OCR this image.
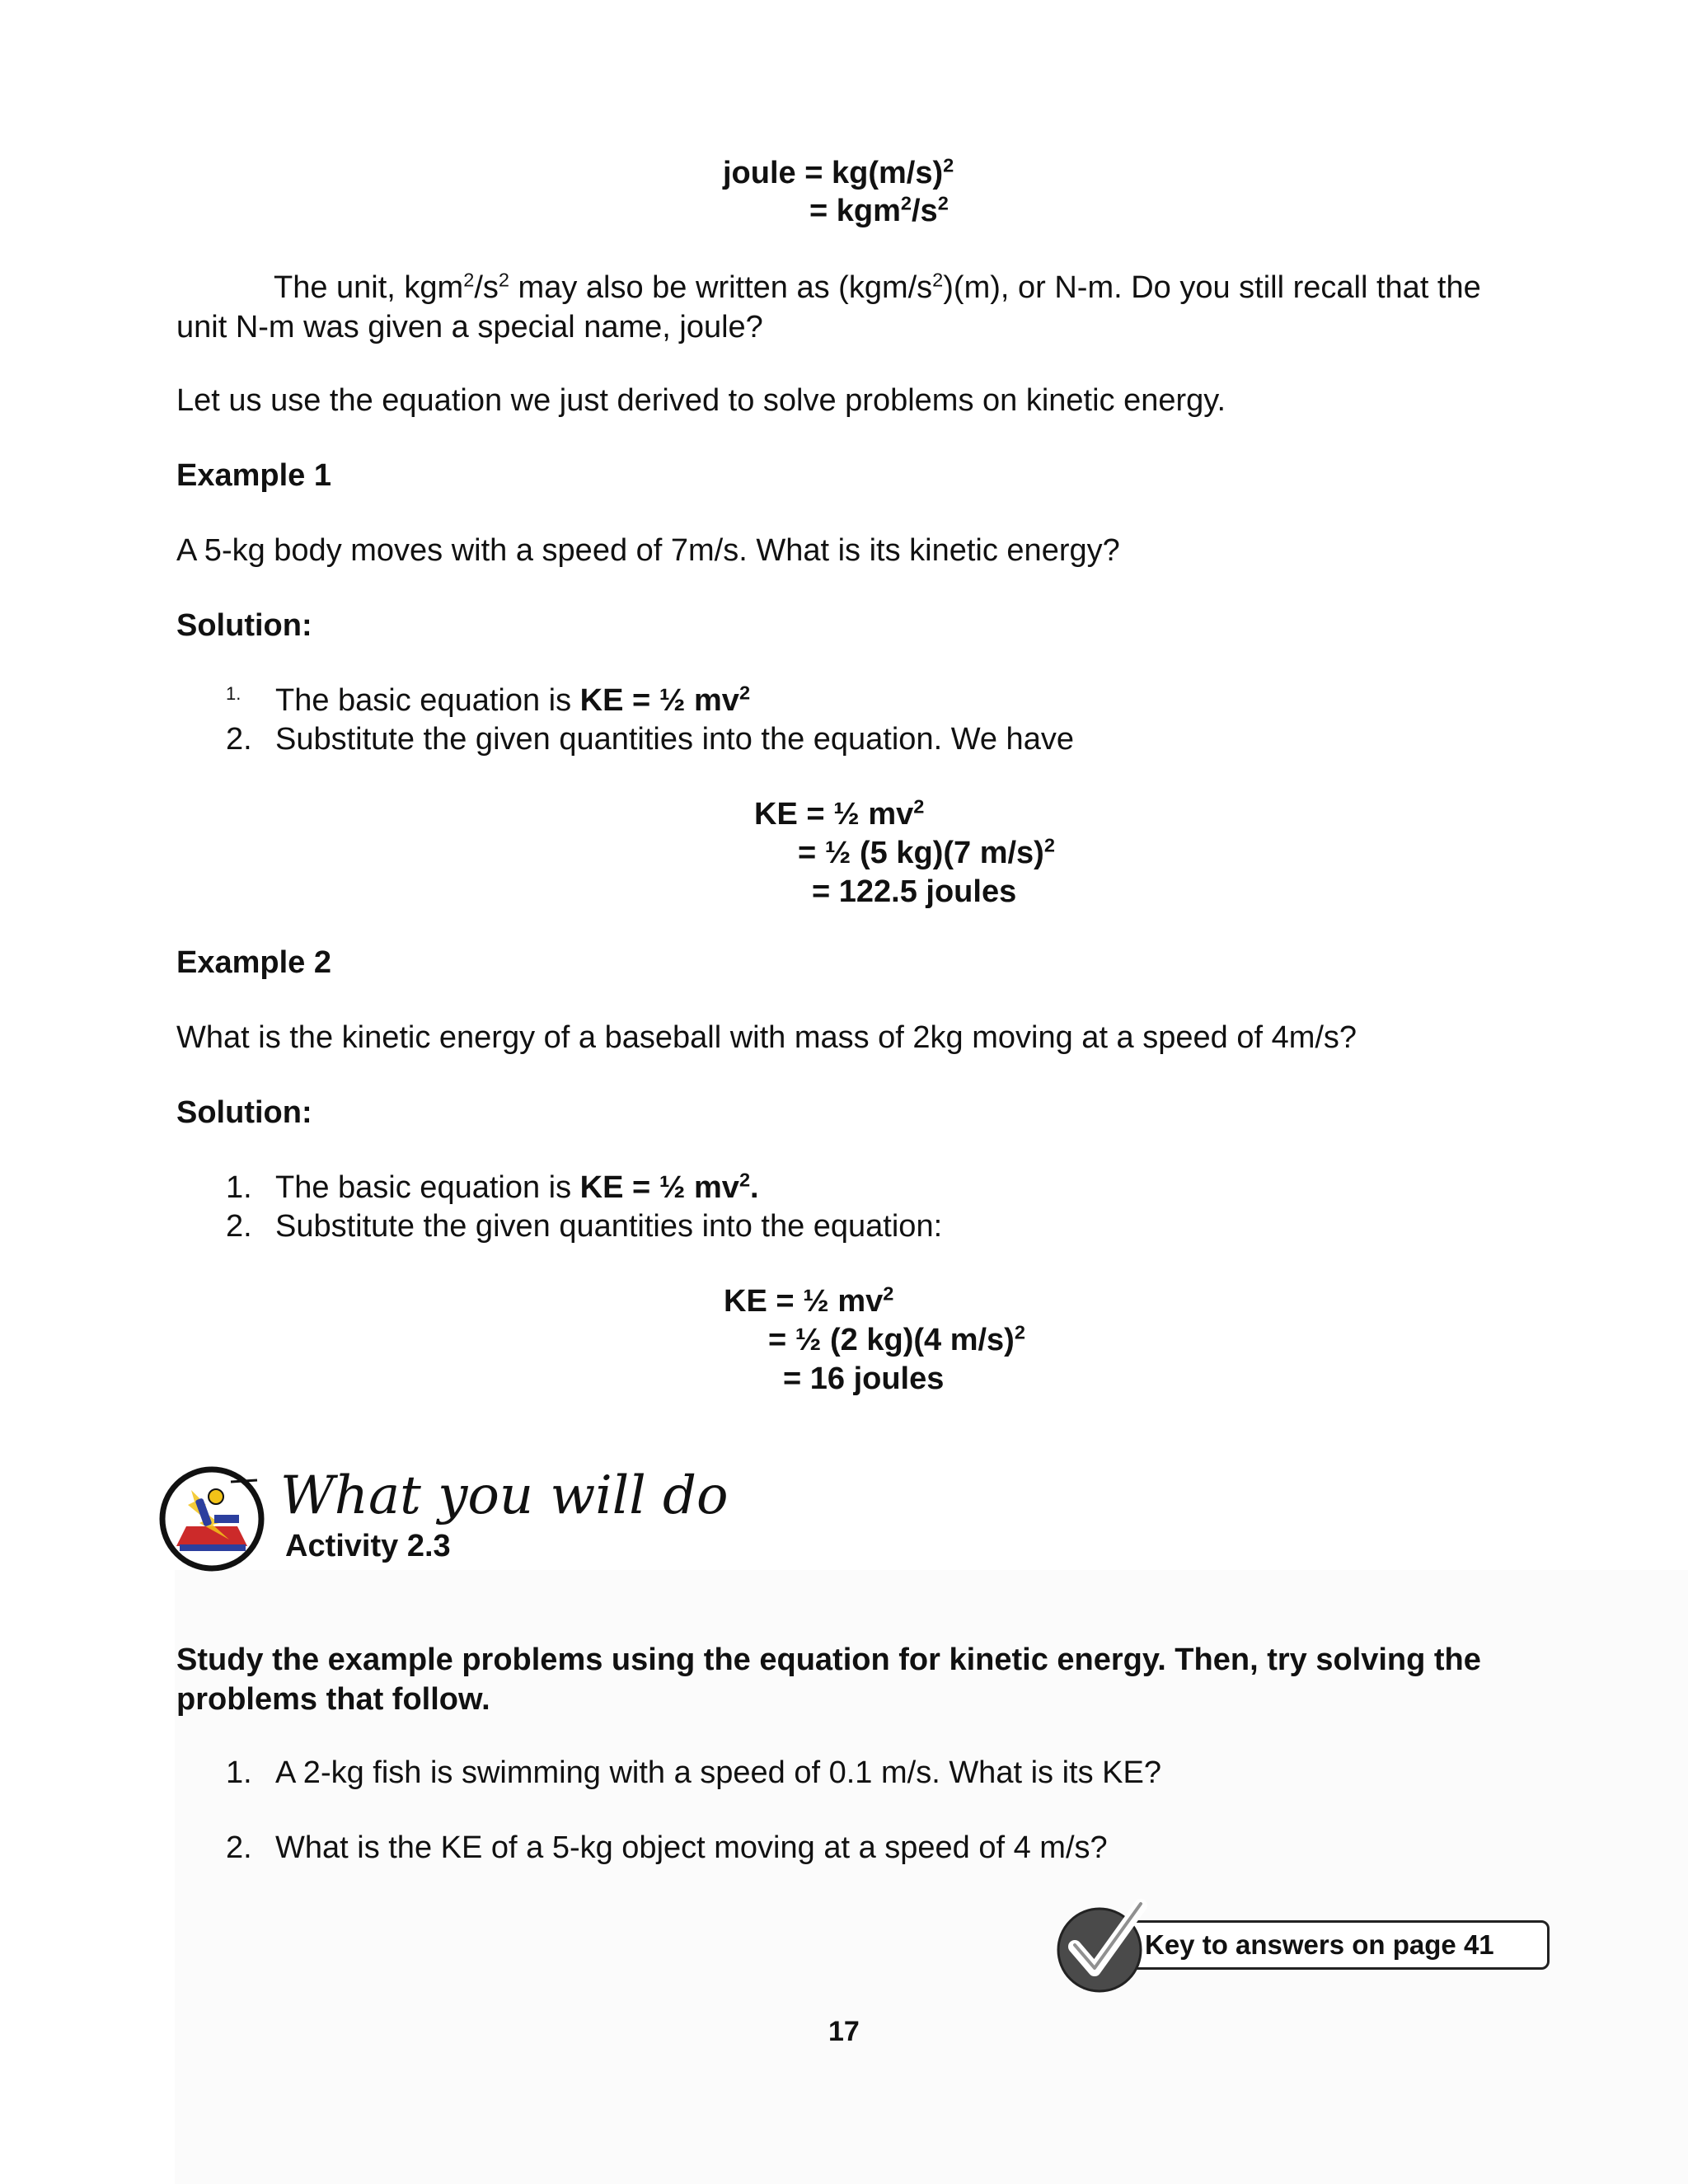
joule = $kg(m/s)^2$
= $kgm^2/s^2$

The unit, $kgm^2/s^2$ may also be written as $(kgm/s^2)(m)$, or N-m. Do you still recall that the unit N-m was given a special name, joule?

Let us use the equation we just derived to solve problems on kinetic energy.

Example 1

A 5-kg body moves with a speed of 7m/s. What is its kinetic energy?

Solution:

1.	The basic equation is KE = ½ $mv^2$
2. Substitute the given quantities into the equation. We have
KE = ½ $mv^2$
= ½ (5 kg)(7 m/s)$^2$
= 122.5 joules

Example 2

What is the kinetic energy of a baseball with mass of 2kg moving at a speed of 4m/s?

Solution:

1. The basic equation is KE = ½ $mv^2$.
2. Substitute the given quantities into the equation:
KE = ½ $mv^2$
= ½ (2 kg)(4 m/s)$^2$
= 16 joules
What you will do

Activity 2.3

Study the example problems using the equation for kinetic energy. Then, try solving the problems that follow.

1. A 2-kg fish is swimming with a speed of 0.1 m/s. What is its KE?
2. What is the KE of a 5-kg object moving at a speed of 4 m/s?
Key to answers on page 41
17
